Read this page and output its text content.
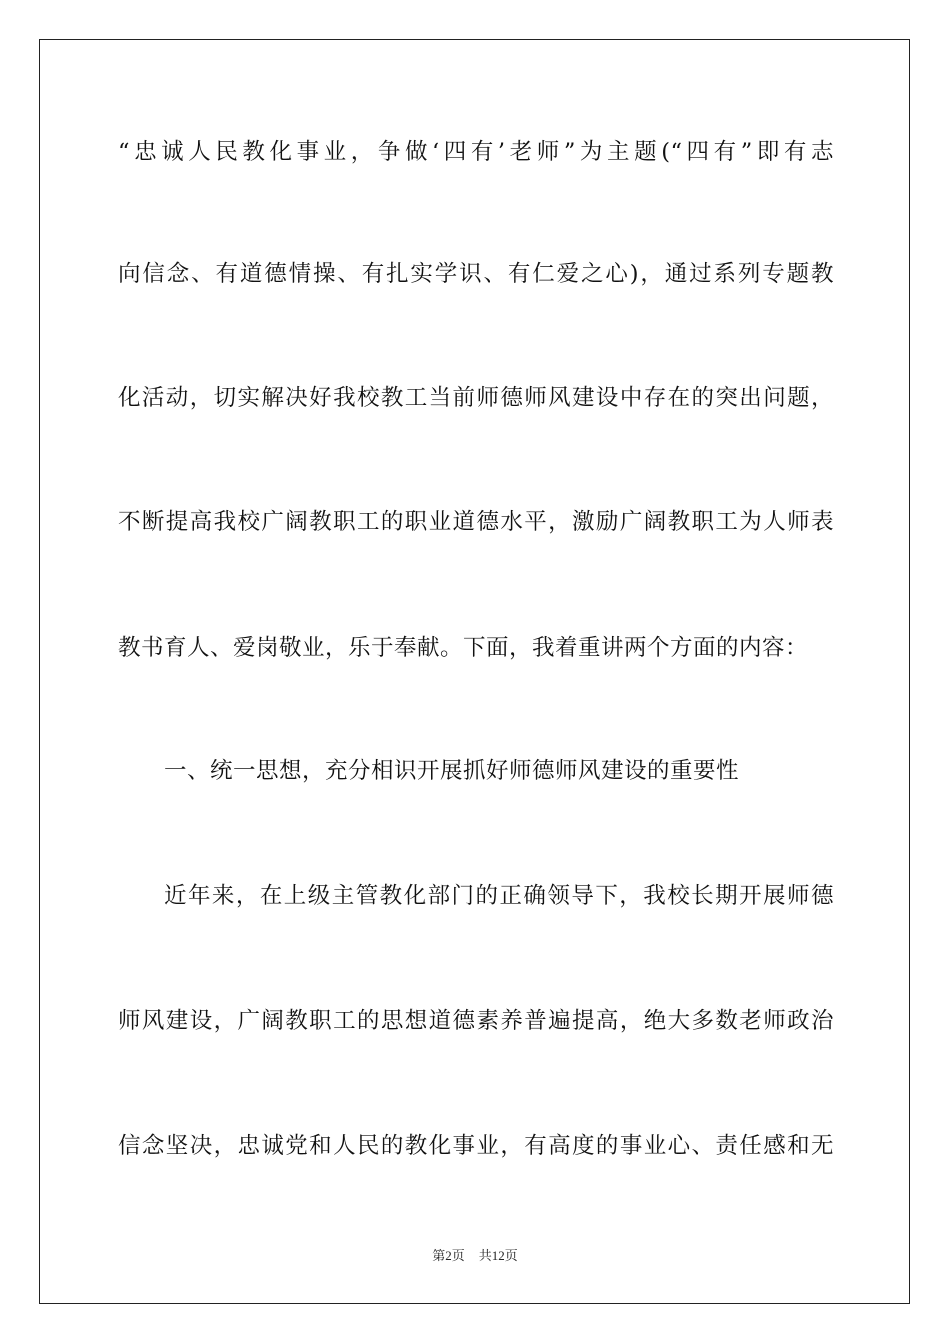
“忠诚人民教化事业，争做‘四有’老师”为主题(“四有”即有志
向信念、有道德情操、有扎实学识、有仁爱之心)，通过系列专题教
化活动，切实解决好我校教工当前师德师风建设中存在的突出问题，
不断提高我校广阔教职工的职业道德水平，激励广阔教职工为人师表
教书育人、爱岗敬业，乐于奉献。下面，我着重讲两个方面的内容：
一、统一思想，充分相识开展抓好师德师风建设的重要性
近年来，在上级主管教化部门的正确领导下，我校长期开展师德
师风建设，广阔教职工的思想道德素养普遍提高，绝大多数老师政治
信念坚决，忠诚党和人民的教化事业，有高度的事业心、责任感和无
第2页 共12页
